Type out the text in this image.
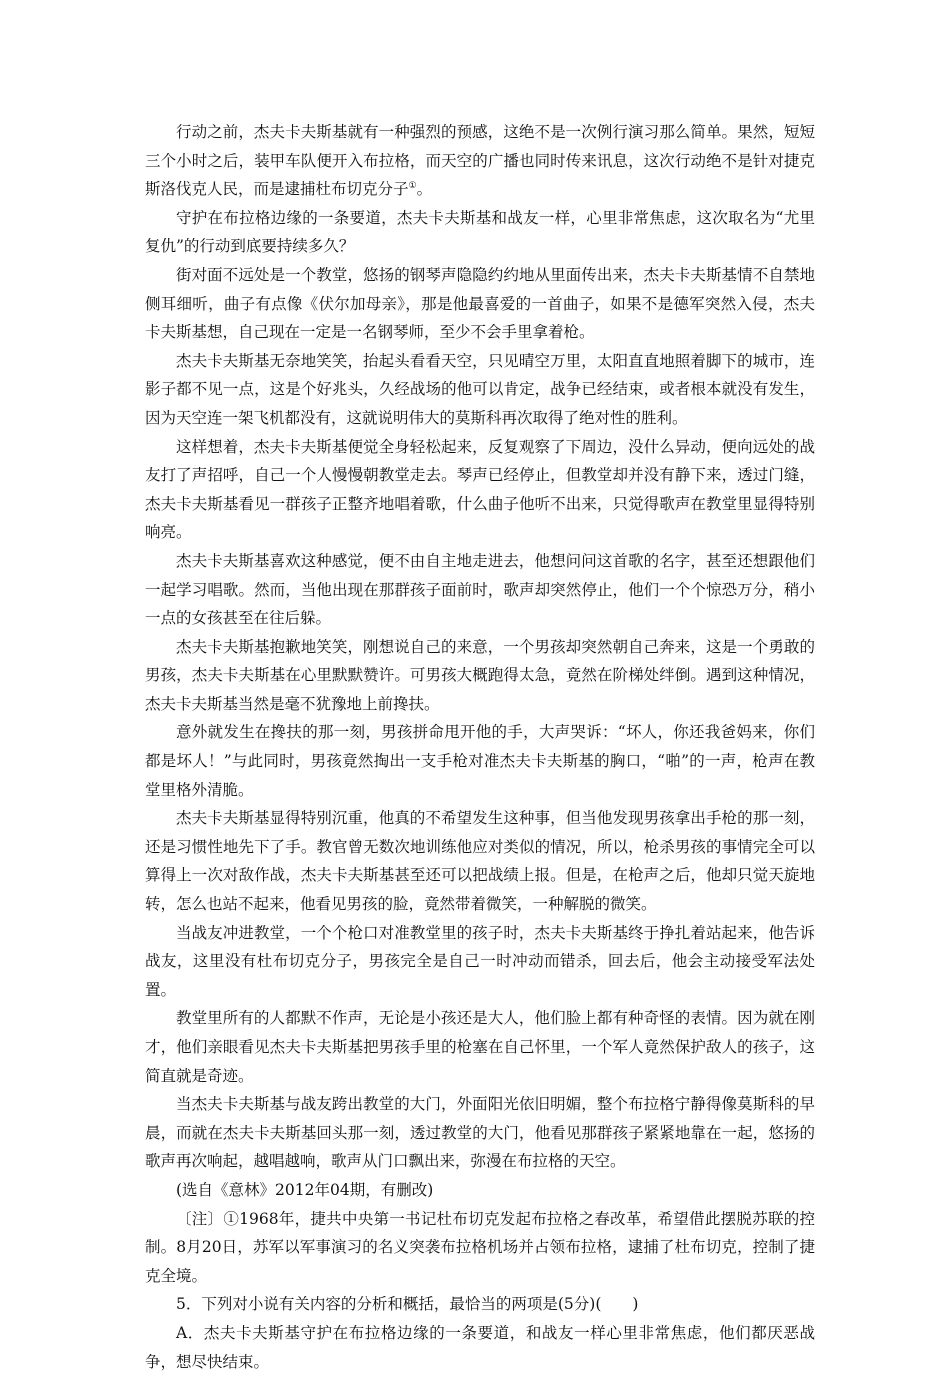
行动之前，杰夫卡夫斯基就有一种强烈的预感，这绝不是一次例行演习那么简单。果然，短短三个小时之后，装甲车队便开入布拉格，而天空的广播也同时传来讯息，这次行动绝不是针对捷克斯洛伐克人民，而是逮捕杜布切克分子①。

守护在布拉格边缘的一条要道，杰夫卡夫斯基和战友一样，心里非常焦虑，这次取名为“尤里复仇”的行动到底要持续多久？

街对面不远处是一个教堂，悠扬的钢琴声隐隐约约地从里面传出来，杰夫卡夫斯基情不自禁地侧耳细听，曲子有点像《伏尔加母亲》，那是他最喜爱的一首曲子，如果不是德军突然入侵，杰夫卡夫斯基想，自己现在一定是一名钢琴师，至少不会手里拿着枪。

杰夫卡夫斯基无奈地笑笑，抬起头看看天空，只见晴空万里，太阳直直地照着脚下的城市，连影子都不见一点，这是个好兆头，久经战场的他可以肯定，战争已经结束，或者根本就没有发生，因为天空连一架飞机都没有，这就说明伟大的莫斯科再次取得了绝对性的胜利。

这样想着，杰夫卡夫斯基便觉全身轻松起来，反复观察了下周边，没什么异动，便向远处的战友打了声招呼，自己一个人慢慢朝教堂走去。琴声已经停止，但教堂却并没有静下来，透过门缝，杰夫卡夫斯基看见一群孩子正整齐地唱着歌，什么曲子他听不出来，只觉得歌声在教堂里显得特别响亮。

杰夫卡夫斯基喜欢这种感觉，便不由自主地走进去，他想问问这首歌的名字，甚至还想跟他们一起学习唱歌。然而，当他出现在那群孩子面前时，歌声却突然停止，他们一个个惊恐万分，稍小一点的女孩甚至在往后躲。

杰夫卡夫斯基抱歉地笑笑，刚想说自己的来意，一个男孩却突然朝自己奔来，这是一个勇敢的男孩，杰夫卡夫斯基在心里默默赞许。可男孩大概跑得太急，竟然在阶梯处绊倒。遇到这种情况，杰夫卡夫斯基当然是毫不犹豫地上前搀扶。

意外就发生在搀扶的那一刻，男孩拼命甩开他的手，大声哭诉：“坏人，你还我爸妈来，你们都是坏人！”与此同时，男孩竟然掏出一支手枪对准杰夫卡夫斯基的胸口，“啪”的一声，枪声在教堂里格外清脆。

杰夫卡夫斯基显得特别沉重，他真的不希望发生这种事，但当他发现男孩拿出手枪的那一刻，还是习惯性地先下了手。教官曾无数次地训练他应对类似的情况，所以，枪杀男孩的事情完全可以算得上一次对敌作战，杰夫卡夫斯基甚至还可以把战绩上报。但是，在枪声之后，他却只觉天旋地转，怎么也站不起来，他看见男孩的脸，竟然带着微笑，一种解脱的微笑。

当战友冲进教堂，一个个枪口对准教堂里的孩子时，杰夫卡夫斯基终于挣扎着站起来，他告诉战友，这里没有杜布切克分子，男孩完全是自己一时冲动而错杀，回去后，他会主动接受军法处置。

教堂里所有的人都默不作声，无论是小孩还是大人，他们脸上都有种奇怪的表情。因为就在刚才，他们亲眼看见杰夫卡夫斯基把男孩手里的枪塞在自己怀里，一个军人竟然保护敌人的孩子，这简直就是奇迹。

当杰夫卡夫斯基与战友跨出教堂的大门，外面阳光依旧明媚，整个布拉格宁静得像莫斯科的早晨，而就在杰夫卡夫斯基回头那一刻，透过教堂的大门，他看见那群孩子紧紧地靠在一起，悠扬的歌声再次响起，越唱越响，歌声从门口飘出来，弥漫在布拉格的天空。

(选自《意林》2012年04期，有删改)

〔注〕①1968年，捷共中央第一书记杜布切克发起布拉格之春改革，希望借此摆脱苏联的控制。8月20日，苏军以军事演习的名义突袭布拉格机场并占领布拉格，逮捕了杜布切克，控制了捷克全境。

5．下列对小说有关内容的分析和概括，最恰当的两项是(5分)(　　)

A．杰夫卡夫斯基守护在布拉格边缘的一条要道，和战友一样心里非常焦虑，他们都厌恶战争，想尽快结束。
